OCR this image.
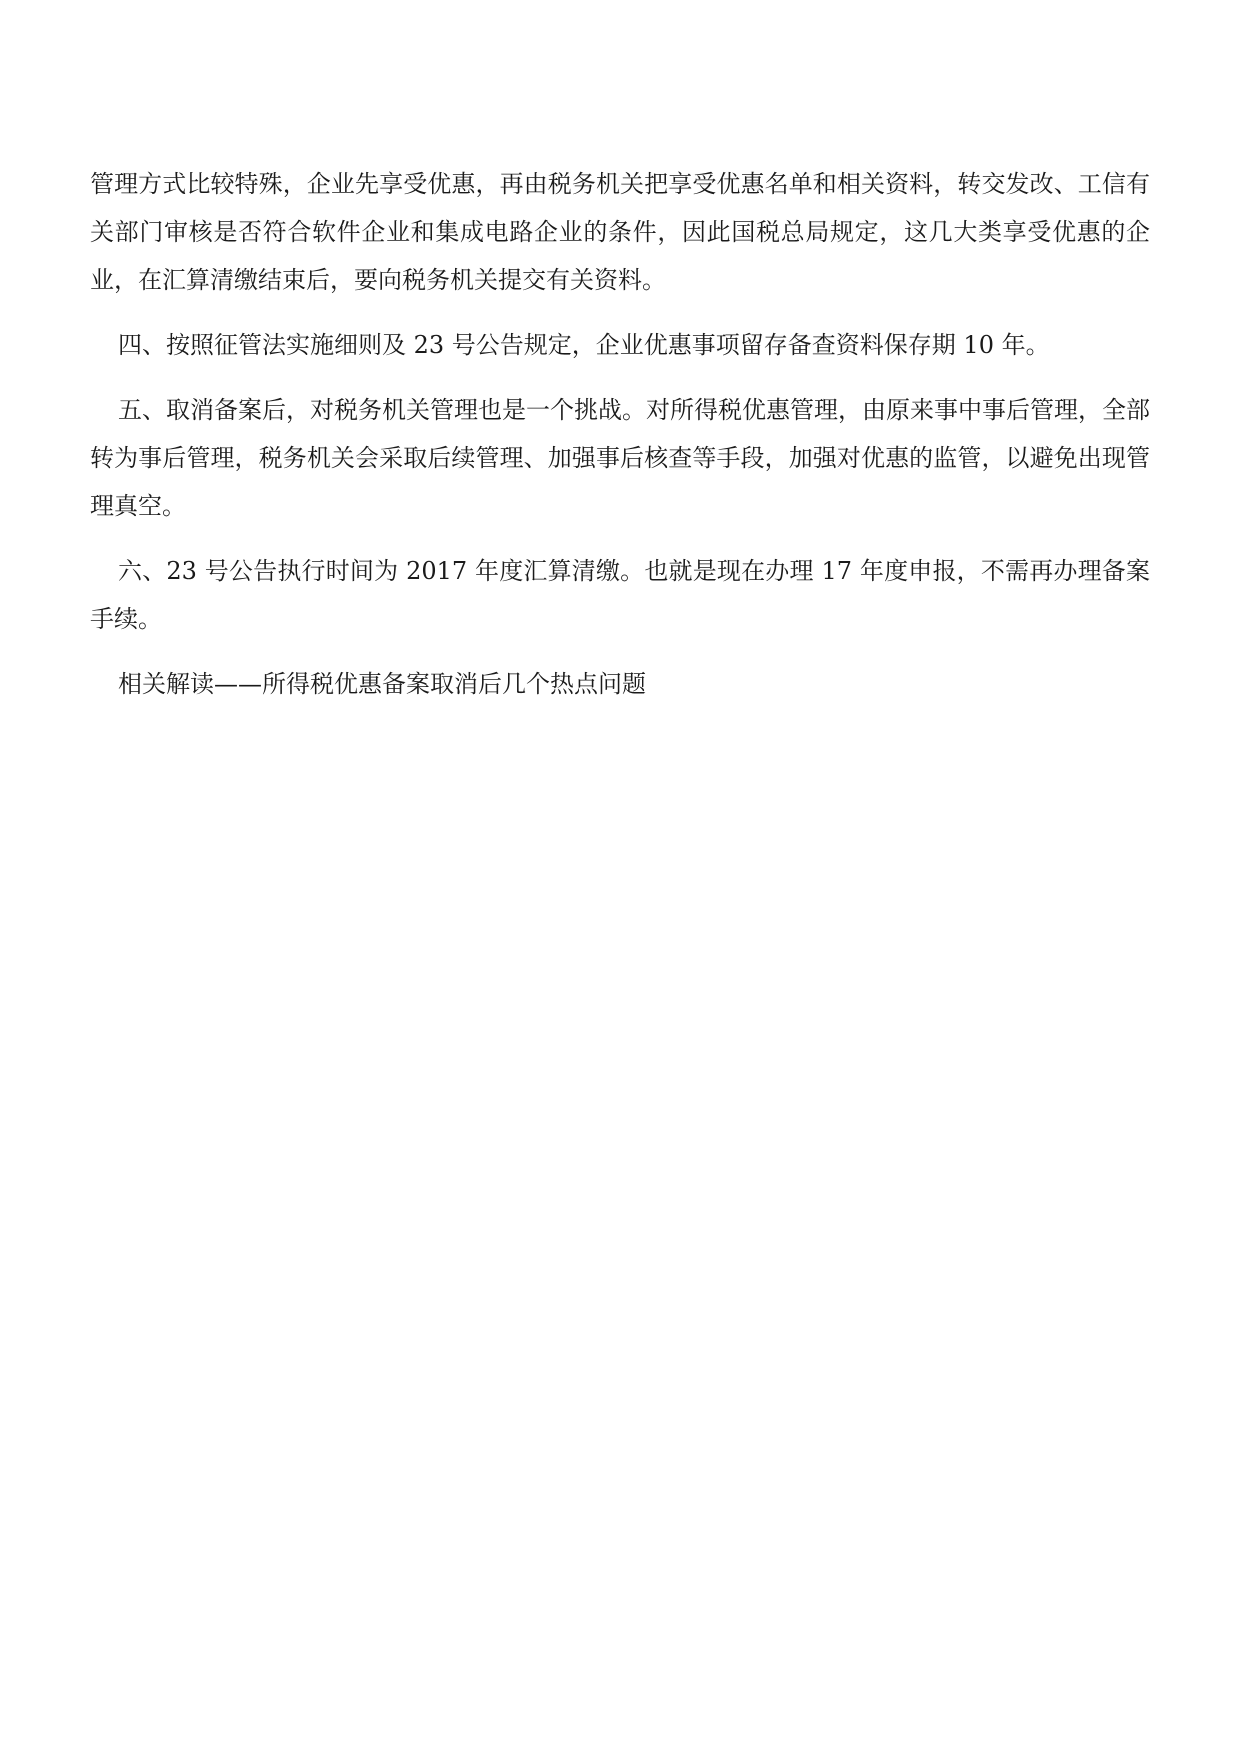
管理方式比较特殊，企业先享受优惠，再由税务机关把享受优惠名单和相关资料，转交发改、工信有关部门审核是否符合软件企业和集成电路企业的条件，因此国税总局规定，这几大类享受优惠的企业，在汇算清缴结束后，要向税务机关提交有关资料。

四、按照征管法实施细则及 23 号公告规定，企业优惠事项留存备查资料保存期 10 年。

五、取消备案后，对税务机关管理也是一个挑战。对所得税优惠管理，由原来事中事后管理，全部转为事后管理，税务机关会采取后续管理、加强事后核查等手段，加强对优惠的监管，以避免出现管理真空。

六、23 号公告执行时间为 2017 年度汇算清缴。也就是现在办理 17 年度申报，不需再办理备案手续。

相关解读——所得税优惠备案取消后几个热点问题
